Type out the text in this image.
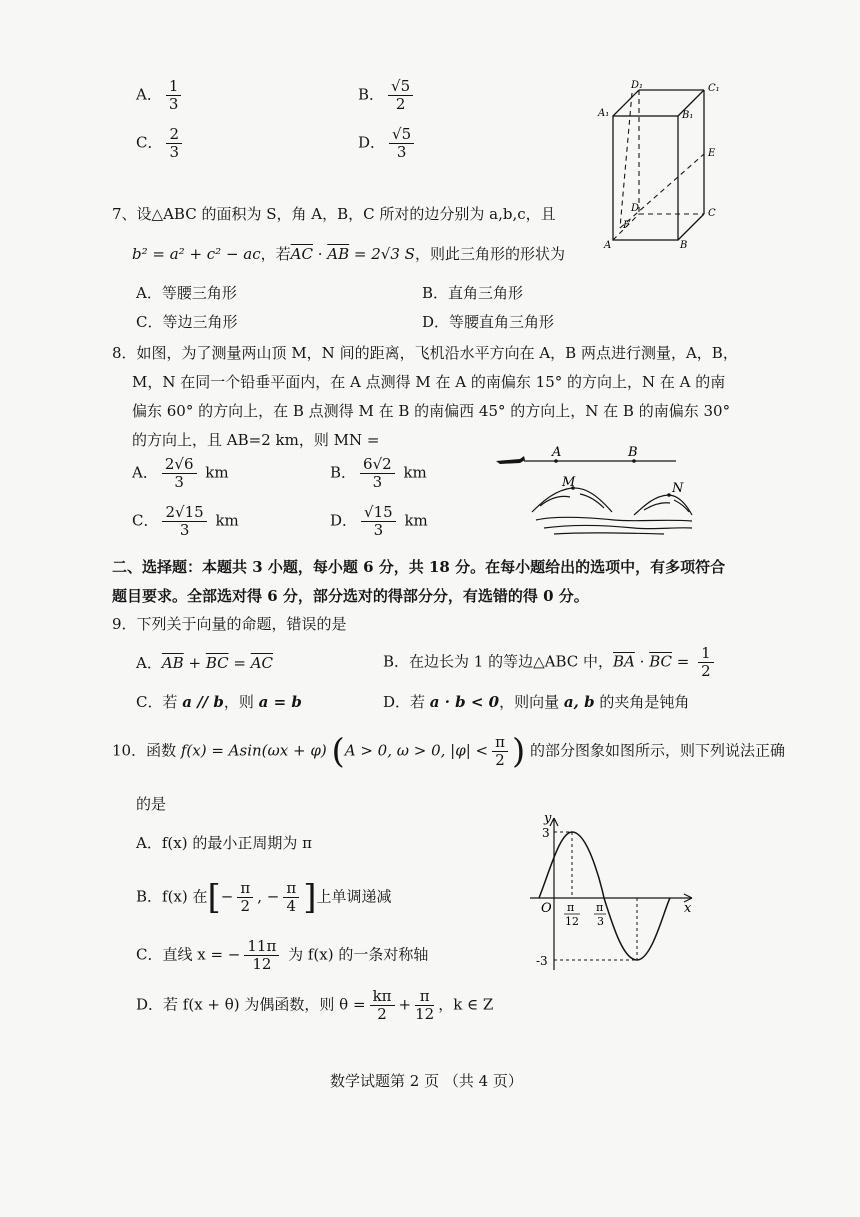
A． $\frac{1}{3}$	B． $\frac{√5}{2}$
C． $\frac{2}{3}$	D． $\frac{√5}{3}$
D₁	C₁
A₁	B₁
E
D
F
C
A	B
7、设△ABC 的面积为 S，角 A，B，C 所对的边分别为 a,b,c，且
b² = a² + c² − ac，若$\overline{AC} \cdot \overline{AB} = 2√3$ S，则此三角形的形状为
A．等腰三角形	B．直角三角形
C．等边三角形	D．等腰直角三角形
8．如图，为了测量两山顶 M，N 间的距离，飞机沿水平方向在 A，B 两点进行测量，A，B，
M，N 在同一个铅垂平面内，在 A 点测得 M 在 A 的南偏东 15° 的方向上，N 在 A 的南
偏东 60° 的方向上，在 B 点测得 M 在 B 的南偏西 45° 的方向上，N 在 B 的南偏东 30°
的方向上，且 AB=2 km，则 MN =
A． $\frac{2√6}{3}$ km	B． $\frac{6√2}{3}$ km
C． $\frac{2√15}{3}$ km	D． $\frac{√15}{3}$ km
A	B
M	N
二、选择题：本题共 3 小题，每小题 6 分，共 18 分。在每小题给出的选项中，有多项符合
题目要求。全部选对得 6 分，部分选对的得部分分，有选错的得 0 分。
9．下列关于向量的命题，错误的是
A．$\overline{AB} + \overline{BC} = \overline{AC}$	B．在边长为 1 的等边△ABC 中，$\overline{BA} \cdot \overline{BC} = \frac{1}{2}$
C．若 a // b，则 a = b	D．若 a · b < 0，则向量 a, b 的夹角是钝角
10．函数 f(x) = Asin(ωx + φ) (A > 0, ω > 0, $|\varphi| < \frac{\pi}{2}$ ) 的部分图象如图所示，则下列说法正确
的是
A．f(x) 的最小正周期为 π
B．f(x) 在[− $\frac{\pi}{2}$ , − $\frac{\pi}{4}$ ]上单调递减
C．直线 x = − $\frac{11\pi}{12}$ 为 f(x) 的一条对称轴
D．若 f(x + θ) 为偶函数，则 $\theta = \frac{k\pi}{2} + \frac{\pi}{12}$ ，k ∈ Z
y
x
O
3
-3
π
12
π
3
数学试题第 2 页 （共 4 页）
